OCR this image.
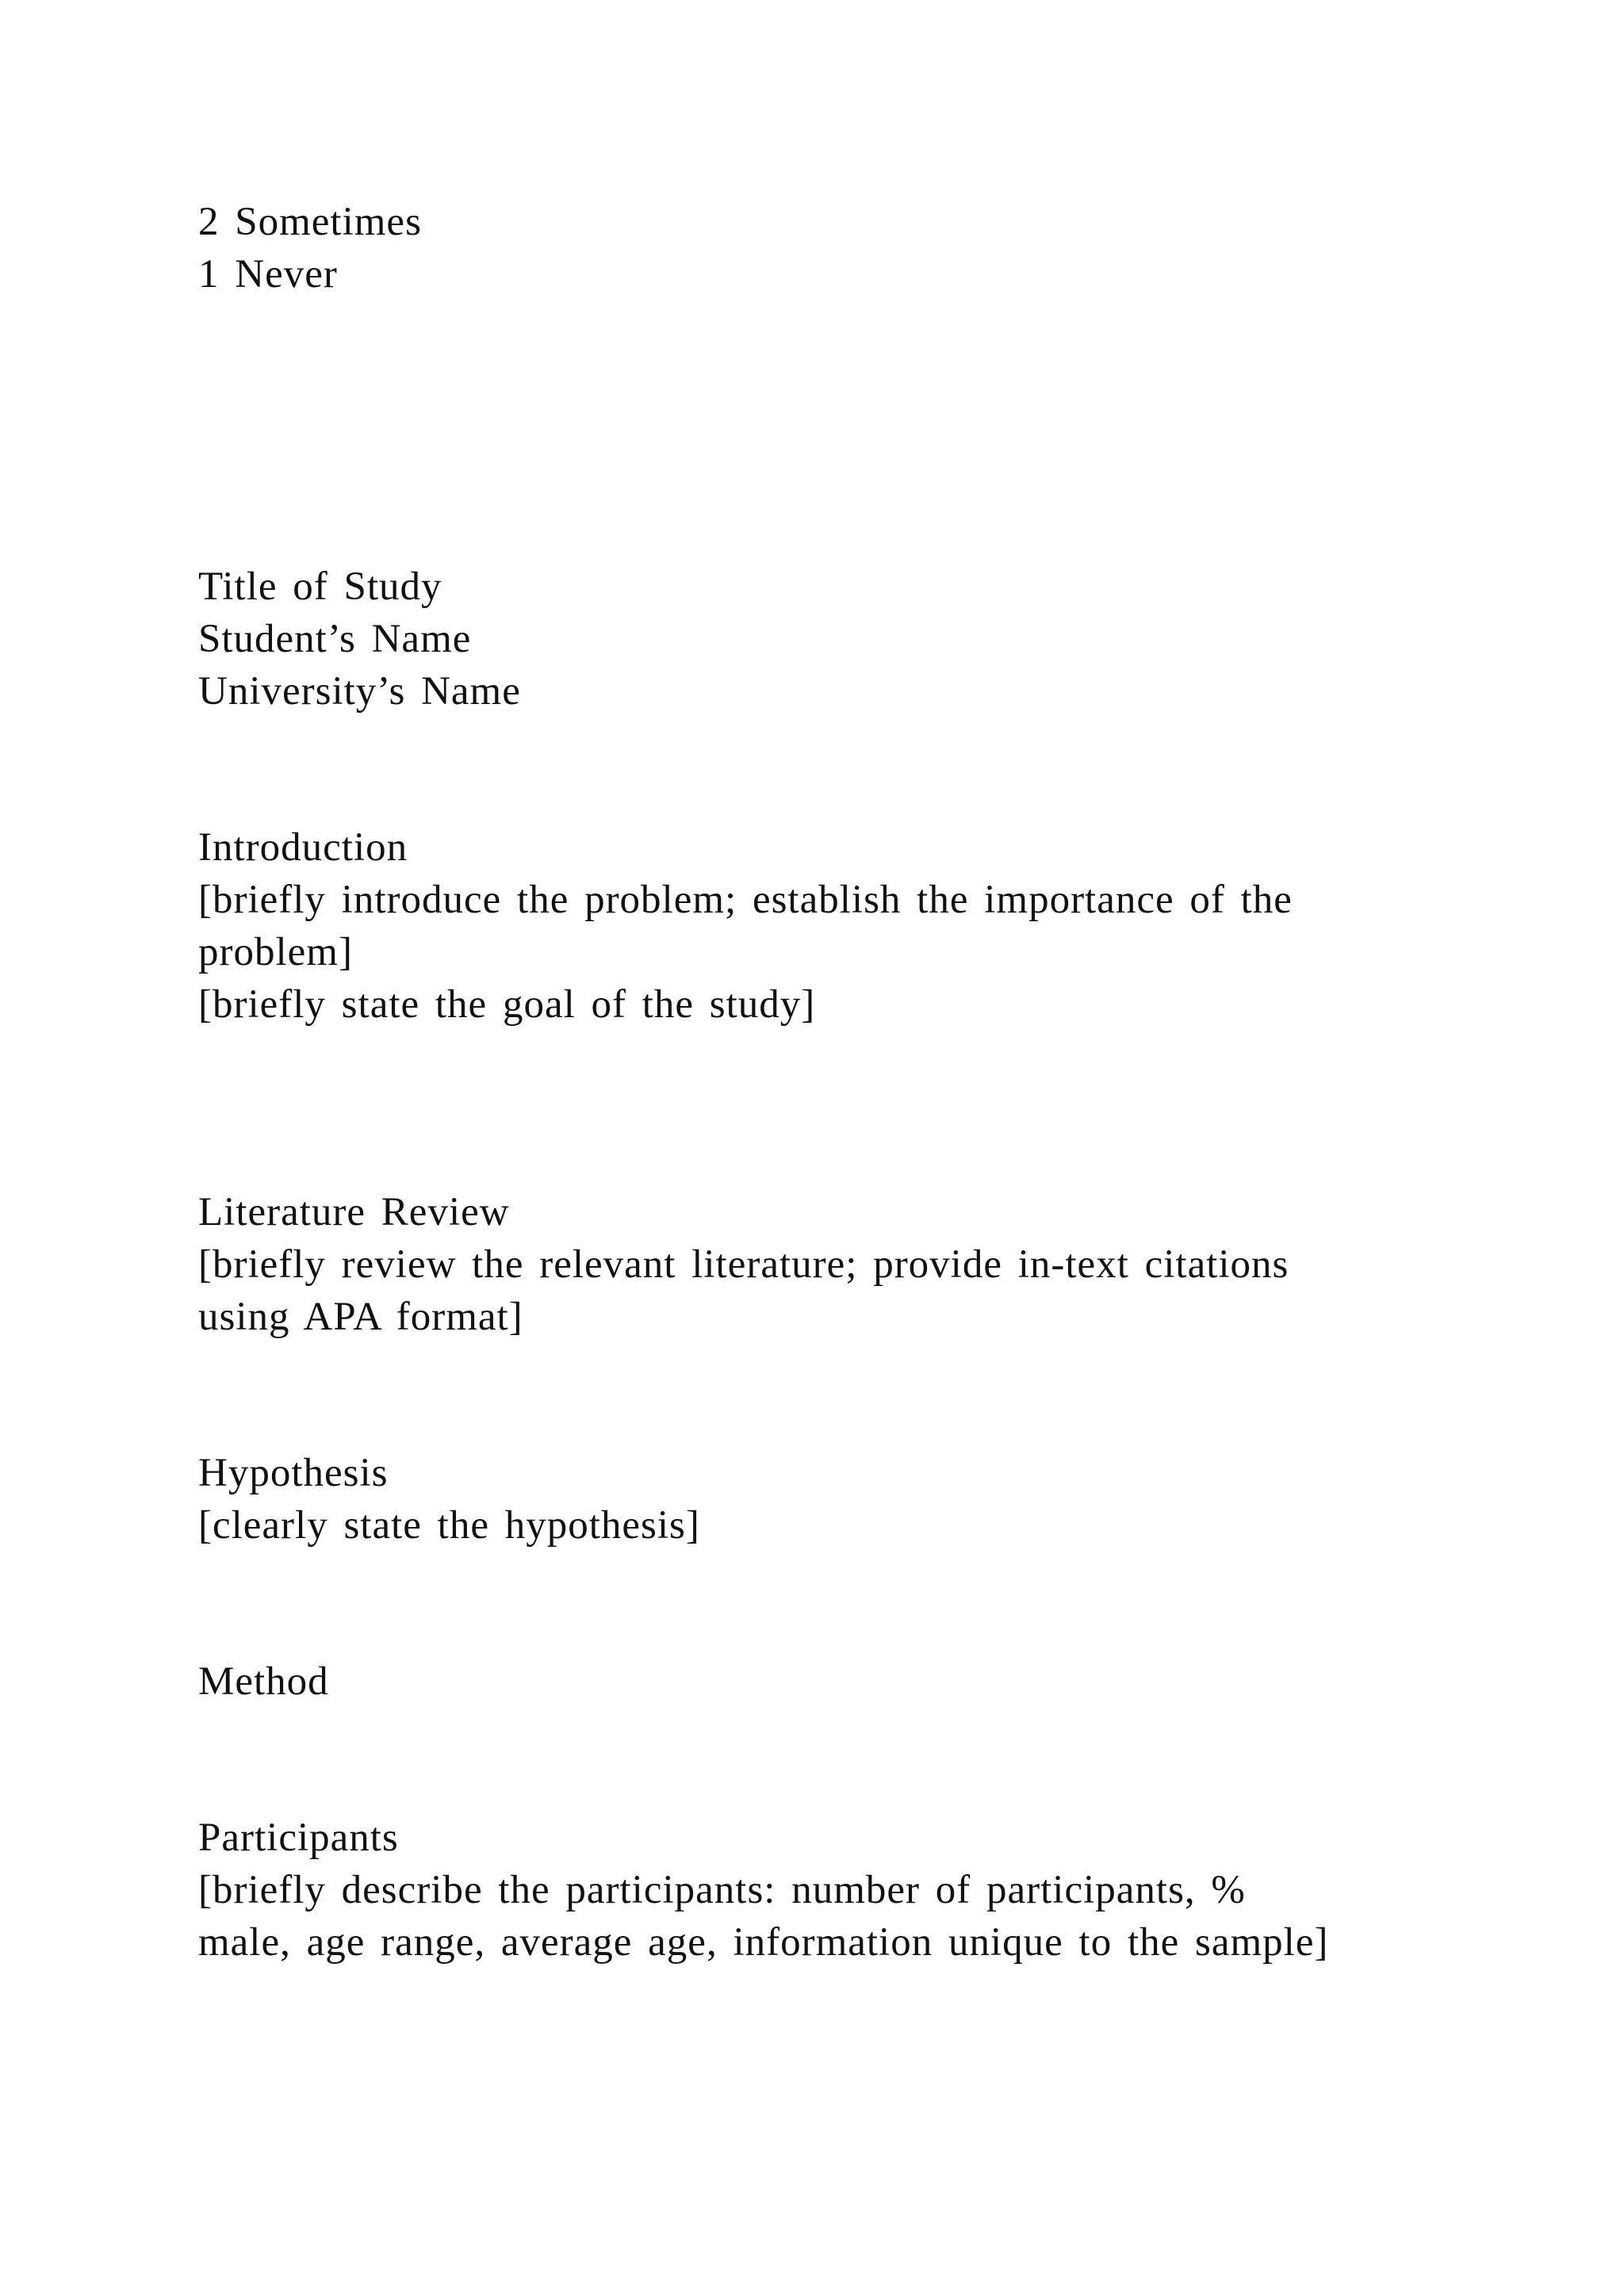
2 Sometimes

1 Never

Title of Study

Student’s Name

University’s Name

Introduction

[briefly introduce the problem; establish the importance of the

problem]

[briefly state the goal of the study]

Literature Review

[briefly review the relevant literature; provide in-text citations

using APA format]

Hypothesis

[clearly state the hypothesis]

Method

Participants

[briefly describe the participants: number of participants, %

male, age range, average age, information unique to the sample]
